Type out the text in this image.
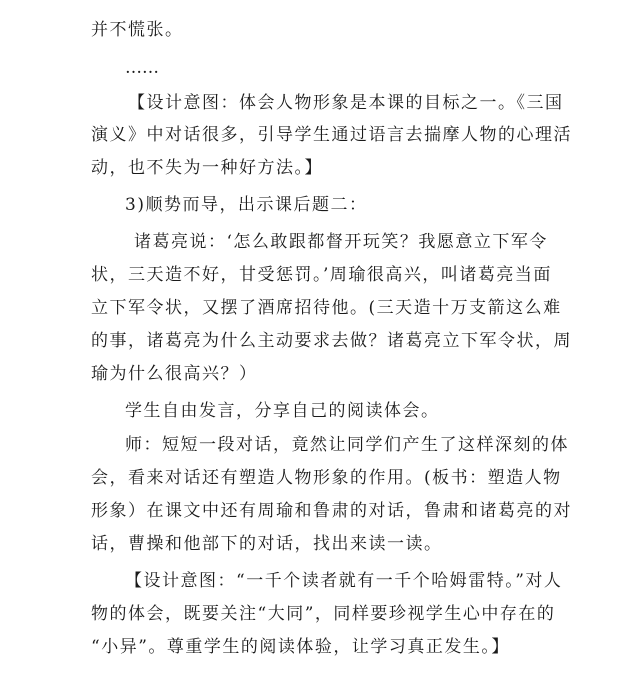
并不慌张。
……
【设计意图：体会人物形象是本课的目标之一。《三国
演义》中对话很多，引导学生通过语言去揣摩人物的心理活
动，也不失为一种好方法。】
3)顺势而导，出示课后题二：
诸葛亮说：‘怎么敢跟都督开玩笑？我愿意立下军令
状，三天造不好，甘受惩罚。’周瑜很高兴，叫诸葛亮当面
立下军令状，又摆了酒席招待他。(三天造十万支箭这么难
的事，诸葛亮为什么主动要求去做？诸葛亮立下军令状，周
瑜为什么很高兴？）
学生自由发言，分享自己的阅读体会。
师：短短一段对话，竟然让同学们产生了这样深刻的体
会，看来对话还有塑造人物形象的作用。(板书：塑造人物
形象）在课文中还有周瑜和鲁肃的对话，鲁肃和诸葛亮的对
话，曹操和他部下的对话，找出来读一读。
【设计意图：“一千个读者就有一千个哈姆雷特。”对人
物的体会，既要关注“大同”，同样要珍视学生心中存在的
“小异”。尊重学生的阅读体验，让学习真正发生。】
